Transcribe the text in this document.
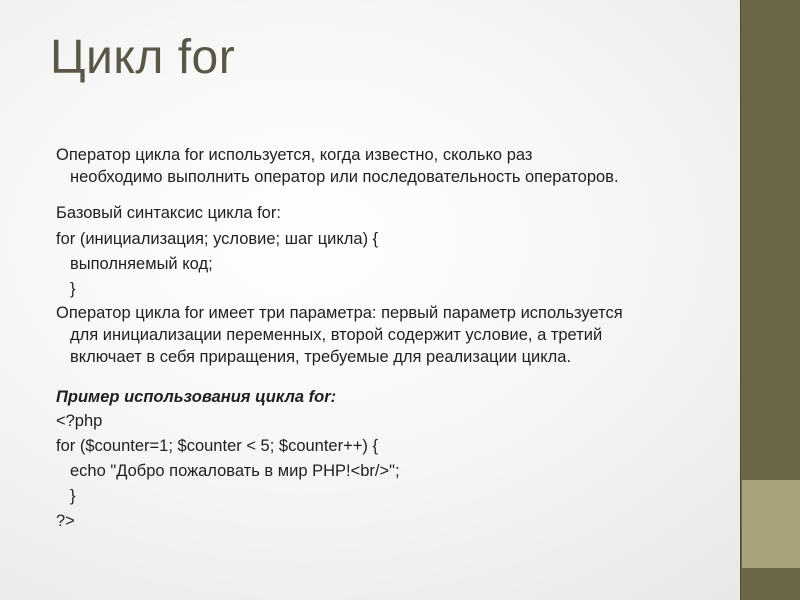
Цикл for
Оператор цикла for используется, когда известно, сколько раз
необходимо выполнить оператор или последовательность операторов.
Базовый синтаксис цикла for:
for (инициализация; условие; шаг цикла) {
выполняемый код;
}
Оператор цикла for имеет три параметра: первый параметр используется
для инициализации переменных, второй содержит условие, а третий
включает в себя приращения, требуемые для реализации цикла.
Пример использования цикла for:
<?php
for ($counter=1; $counter < 5; $counter++) {
echo "Добро пожаловать в мир PHP!<br/>";
}
?>
